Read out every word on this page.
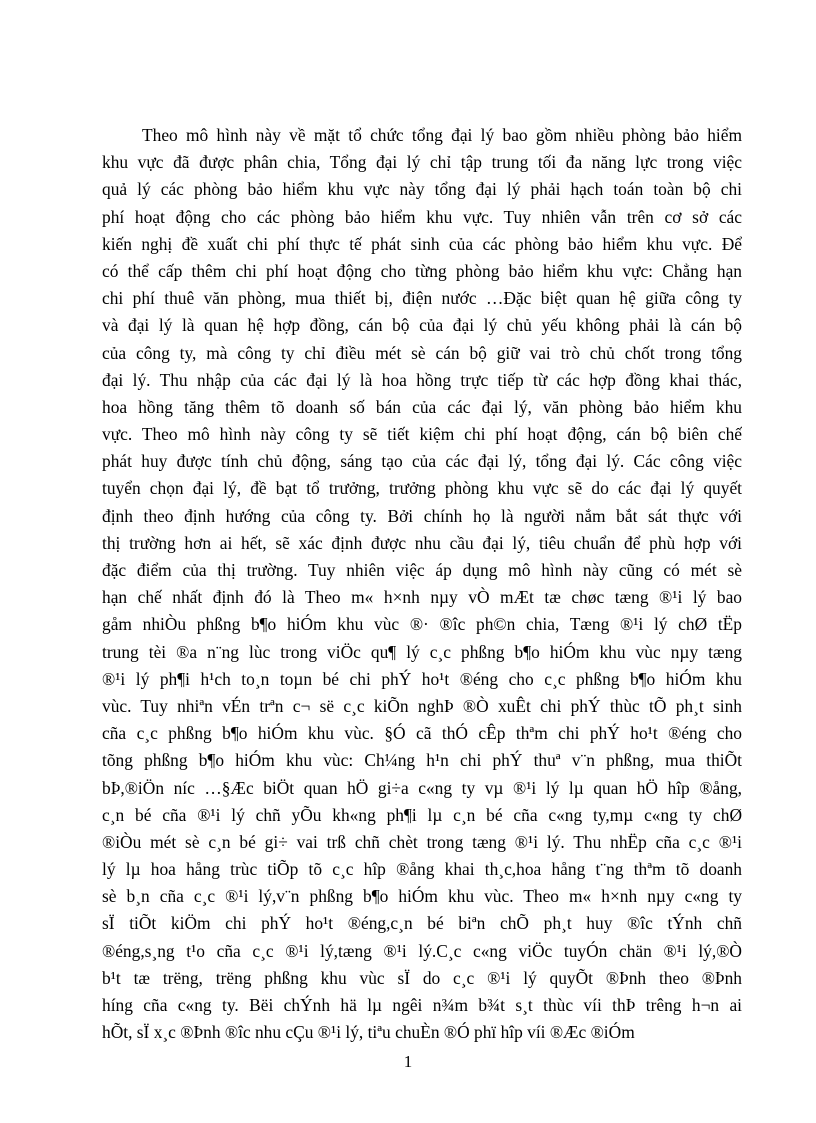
Theo mô hình này về mặt tổ chức tổng đại lý bao gồm nhiều phòng bảo hiểm
khu vực đã được phân chia, Tổng đại lý chỉ tập trung tối đa năng lực trong việc
quả lý các phòng bảo hiểm khu vực này tổng đại lý phải hạch toán toàn bộ chi
phí hoạt động cho các phòng bảo hiểm khu vực. Tuy nhiên vẫn trên cơ sở các
kiến nghị đề xuất chi phí thực tế phát sinh của các phòng bảo hiểm khu vực. Để
có thể cấp thêm chi phí hoạt động cho từng phòng bảo hiểm khu vực: Chẳng hạn
chi phí thuê văn phòng, mua thiết bị, điện nước …Đặc biệt quan hệ giữa công ty
và đại lý là quan hệ hợp đồng, cán bộ của đại lý chủ yếu không phải là cán bộ
của công ty, mà công ty chỉ điều mét sè cán bộ giữ vai trò chủ chốt trong tổng
đại lý. Thu nhập của các đại lý là hoa hồng trực tiếp từ các hợp đồng khai thác,
hoa hồng tăng thêm tõ doanh số bán của các đại lý, văn phòng bảo hiểm khu
vực. Theo mô hình này công ty sẽ tiết kiệm chi phí hoạt động, cán bộ biên chế
phát huy được tính chủ động, sáng tạo của các đại lý, tổng đại lý. Các công việc
tuyển chọn đại lý, đề bạt tổ trưởng, trưởng phòng khu vực sẽ do các đại lý quyết
định theo định hướng của công ty. Bởi chính họ là người nắm bắt sát thực với
thị trường hơn ai hết, sẽ xác định được nhu cầu đại lý, tiêu chuẩn để phù hợp với
đặc điểm của thị trường. Tuy nhiên việc áp dụng mô hình này cũng có mét sè
hạn chế nhất định đó là Theo m« h×nh nµy vÒ mÆt tæ chøc tæng ®¹i lý bao
gåm nhiÒu phßng b¶o hiÓm khu vùc ®· ®îc ph©n chia, Tæng ®¹i lý chØ tËp
trung tèi ®a n¨ng lùc trong viÖc qu¶ lý c¸c phßng b¶o hiÓm khu vùc nµy tæng
®¹i lý ph¶i h¹ch to¸n toµn bé chi phÝ ho¹t ®éng cho c¸c phßng b¶o hiÓm khu
vùc. Tuy nhiªn vÉn trªn c¬ së c¸c kiÕn nghÞ ®Ò xuÊt chi phÝ thùc tÕ ph¸t sinh
cña c¸c phßng b¶o hiÓm khu vùc. §Ó cã thÓ cÊp thªm chi phÝ ho¹t ®éng cho
tõng phßng b¶o hiÓm khu vùc: Ch¼ng h¹n chi phÝ thuª v¨n phßng, mua thiÕt
bÞ,®iÖn níc …§Æc biÖt quan hÖ gi÷a c«ng ty vµ ®¹i lý lµ quan hÖ hîp ®ång,
c¸n bé cña ®¹i lý chñ yÕu kh«ng ph¶i lµ c¸n bé cña c«ng ty,mµ c«ng ty chØ
®iÒu mét sè c¸n bé gi÷ vai trß chñ chèt trong tæng ®¹i lý. Thu nhËp cña c¸c ®¹i
lý lµ hoa hång trùc tiÕp tõ c¸c hîp ®ång khai th¸c,hoa hång t¨ng thªm tõ doanh
sè b¸n cña c¸c ®¹i lý,v¨n phßng b¶o hiÓm khu vùc. Theo m« h×nh nµy c«ng ty
sÏ tiÕt kiÖm chi phÝ ho¹t ®éng,c¸n bé biªn chÕ ph¸t huy ®îc tÝnh chñ
®éng,s¸ng t¹o cña c¸c ®¹i lý,tæng ®¹i lý.C¸c c«ng viÖc tuyÓn chän ®¹i lý,®Ò
b¹t tæ trëng, trëng phßng khu vùc sÏ do c¸c ®¹i lý quyÕt ®Þnh theo ®Þnh
híng cña c«ng ty. Bëi chÝnh hä lµ ngêi n¾m b¾t s¸t thùc víi thÞ trêng h¬n ai
hÕt, sÏ x¸c ®Þnh ®îc nhu cÇu ®¹i lý, tiªu chuÈn ®Ó phï hîp víi ®Æc ®iÓm
1
